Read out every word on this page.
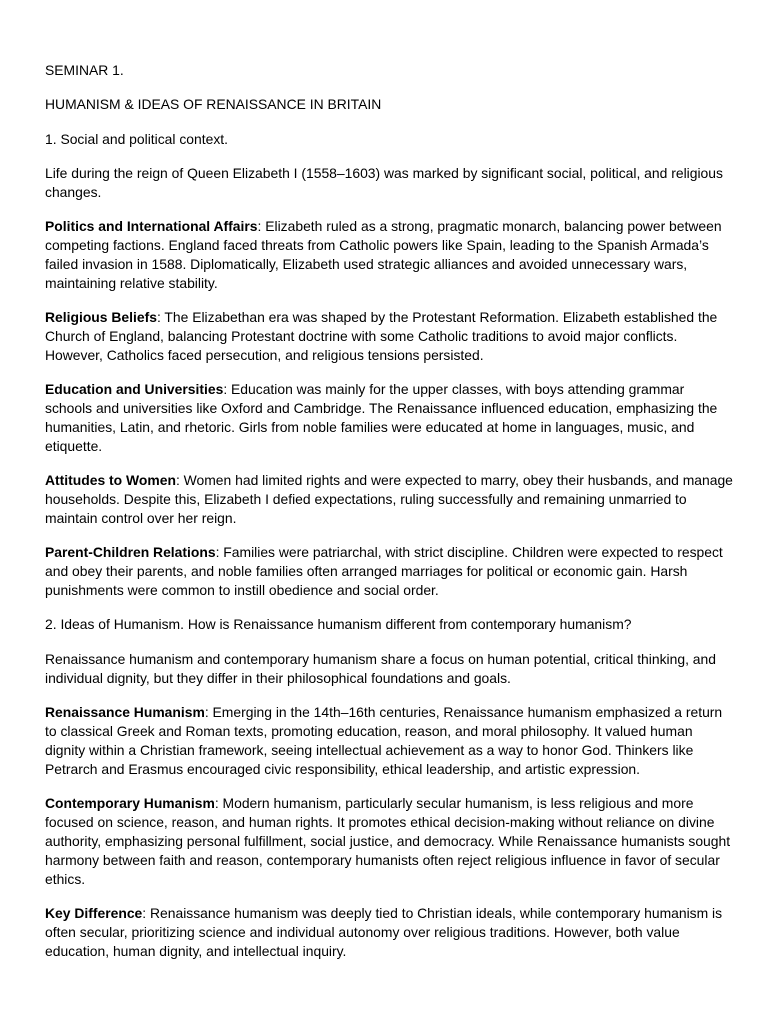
SEMINAR 1.

HUMANISM & IDEAS OF RENAISSANCE IN BRITAIN

1. Social and political context.

Life during the reign of Queen Elizabeth I (1558–1603) was marked by significant social, political, and religious changes.

Politics and International Affairs: Elizabeth ruled as a strong, pragmatic monarch, balancing power between competing factions. England faced threats from Catholic powers like Spain, leading to the Spanish Armada’s failed invasion in 1588. Diplomatically, Elizabeth used strategic alliances and avoided unnecessary wars, maintaining relative stability.

Religious Beliefs: The Elizabethan era was shaped by the Protestant Reformation. Elizabeth established the Church of England, balancing Protestant doctrine with some Catholic traditions to avoid major conflicts. However, Catholics faced persecution, and religious tensions persisted.

Education and Universities: Education was mainly for the upper classes, with boys attending grammar schools and universities like Oxford and Cambridge. The Renaissance influenced education, emphasizing the humanities, Latin, and rhetoric. Girls from noble families were educated at home in languages, music, and etiquette.

Attitudes to Women: Women had limited rights and were expected to marry, obey their husbands, and manage households. Despite this, Elizabeth I defied expectations, ruling successfully and remaining unmarried to maintain control over her reign.

Parent-Children Relations: Families were patriarchal, with strict discipline. Children were expected to respect and obey their parents, and noble families often arranged marriages for political or economic gain. Harsh punishments were common to instill obedience and social order.

2. Ideas of Humanism. How is Renaissance humanism different from contemporary humanism?

Renaissance humanism and contemporary humanism share a focus on human potential, critical thinking, and individual dignity, but they differ in their philosophical foundations and goals.

Renaissance Humanism: Emerging in the 14th–16th centuries, Renaissance humanism emphasized a return to classical Greek and Roman texts, promoting education, reason, and moral philosophy. It valued human dignity within a Christian framework, seeing intellectual achievement as a way to honor God. Thinkers like Petrarch and Erasmus encouraged civic responsibility, ethical leadership, and artistic expression.

Contemporary Humanism: Modern humanism, particularly secular humanism, is less religious and more focused on science, reason, and human rights. It promotes ethical decision-making without reliance on divine authority, emphasizing personal fulfillment, social justice, and democracy. While Renaissance humanists sought harmony between faith and reason, contemporary humanists often reject religious influence in favor of secular ethics.

Key Difference: Renaissance humanism was deeply tied to Christian ideals, while contemporary humanism is often secular, prioritizing science and individual autonomy over religious traditions. However, both value education, human dignity, and intellectual inquiry.
